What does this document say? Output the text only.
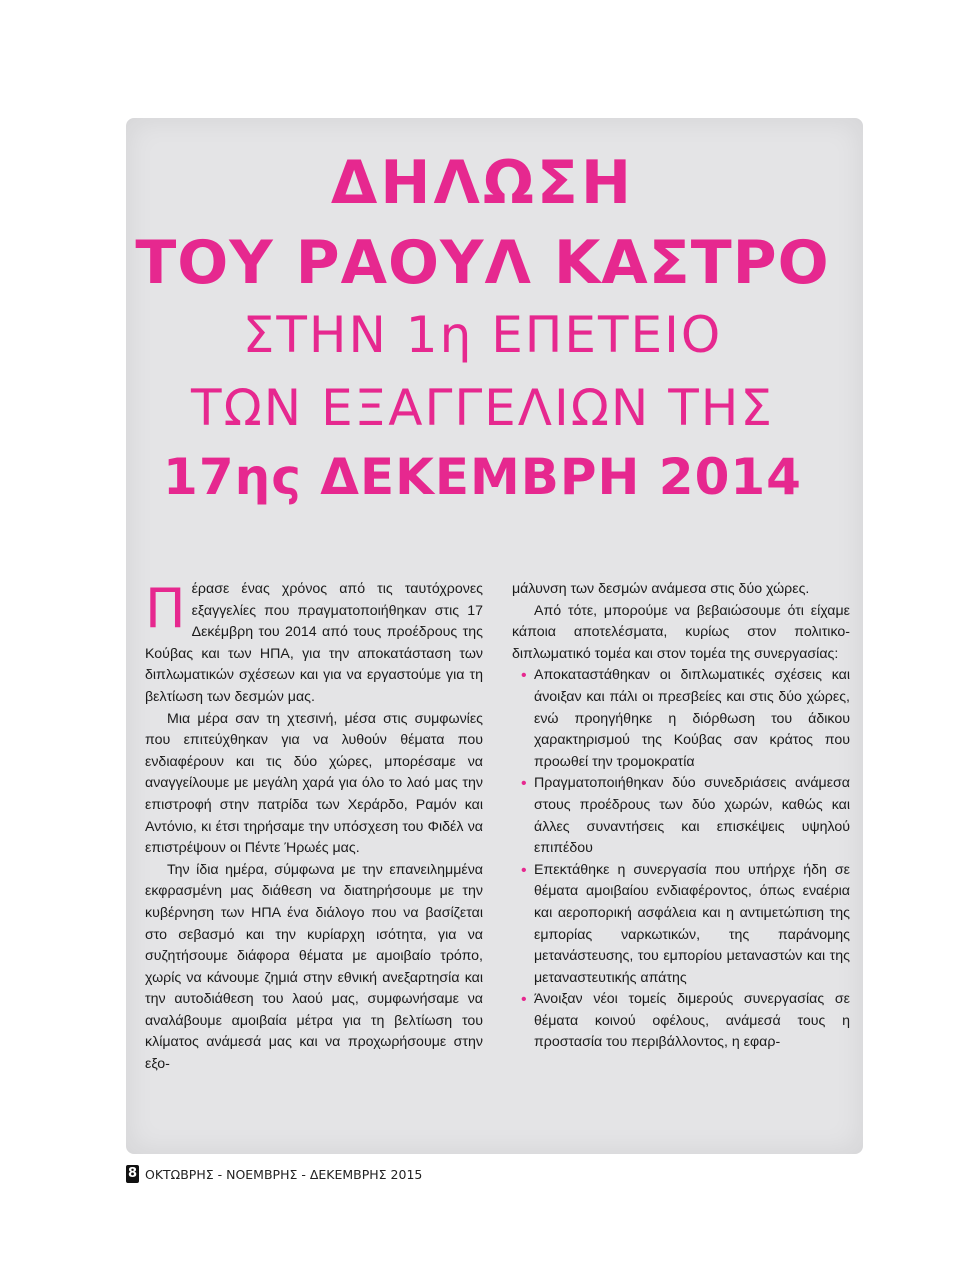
ΔΗΛΩΣΗ
ΤΟΥ ΡΑΟΥΛ ΚΑΣΤΡΟ
ΣΤΗΝ 1η ΕΠΕΤΕΙΟ
ΤΩΝ ΕΞΑΓΓΕΛΙΩΝ ΤΗΣ
17ης ΔΕΚΕΜΒΡΗ 2014

Πέρασε ένας χρόνος από τις ταυτόχρονες εξαγγελίες που πραγματοποιήθηκαν στις 17 Δεκέμβρη του 2014 από τους προέδρους της Κούβας και των ΗΠΑ, για την αποκατάσταση των διπλωματικών σχέσεων και για να εργαστούμε για τη βελτίωση των δεσμών μας.

Μια μέρα σαν τη χτεσινή, μέσα στις συμφωνίες που επιτεύχθηκαν για να λυθούν θέματα που ενδιαφέρουν και τις δύο χώρες, μπορέσαμε να αναγγείλουμε με μεγάλη χαρά για όλο το λαό μας την επιστροφή στην πατρίδα των Χεράρδο, Ραμόν και Αντόνιο, κι έτσι τηρήσαμε την υπόσχεση του Φιδέλ να επιστρέψουν οι Πέντε Ήρωές μας.

Την ίδια ημέρα, σύμφωνα με την επανειλημμένα εκφρασμένη μας διάθεση να διατηρήσουμε με την κυβέρνηση των ΗΠΑ ένα διάλογο που να βασίζεται στο σεβασμό και την κυρίαρχη ισότητα, για να συζητήσουμε διάφορα θέματα με αμοιβαίο τρόπο, χωρίς να κάνουμε ζημιά στην εθνική ανεξαρτησία και την αυτοδιάθεση του λαού μας, συμφωνήσαμε να αναλάβουμε αμοιβαία μέτρα για τη βελτίωση του κλίματος ανάμεσά μας και να προχωρήσουμε στην εξο-

μάλυνση των δεσμών ανάμεσα στις δύο χώρες.

Από τότε, μπορούμε να βεβαιώσουμε ότι είχαμε κάποια αποτελέσματα, κυρίως στον πολιτικο-διπλωματικό τομέα και στον τομέα της συνεργασίας:

• Αποκαταστάθηκαν οι διπλωματικές σχέσεις και άνοιξαν και πάλι οι πρεσβείες και στις δύο χώρες, ενώ προηγήθηκε η διόρθωση του άδικου χαρακτηρισμού της Κούβας σαν κράτος που προωθεί την τρομοκρατία
• Πραγματοποιήθηκαν δύο συνεδριάσεις ανάμεσα στους προέδρους των δύο χωρών, καθώς και άλλες συναντήσεις και επισκέψεις υψηλού επιπέδου
• Επεκτάθηκε η συνεργασία που υπήρχε ήδη σε θέματα αμοιβαίου ενδιαφέροντος, όπως εναέρια και αεροπορική ασφάλεια και η αντιμετώπιση της εμπορίας ναρκωτικών, της παράνομης μετανάστευσης, του εμπορίου μεταναστών και της μεταναστευτικής απάτης
• Άνοιξαν νέοι τομείς διμερούς συνεργασίας σε θέματα κοινού οφέλους, ανάμεσά τους η προστασία του περιβάλλοντος, η εφαρ-
8 ΟΚΤΩΒΡΗΣ - ΝΟΕΜΒΡΗΣ - ΔΕΚΕΜΒΡΗΣ 2015
